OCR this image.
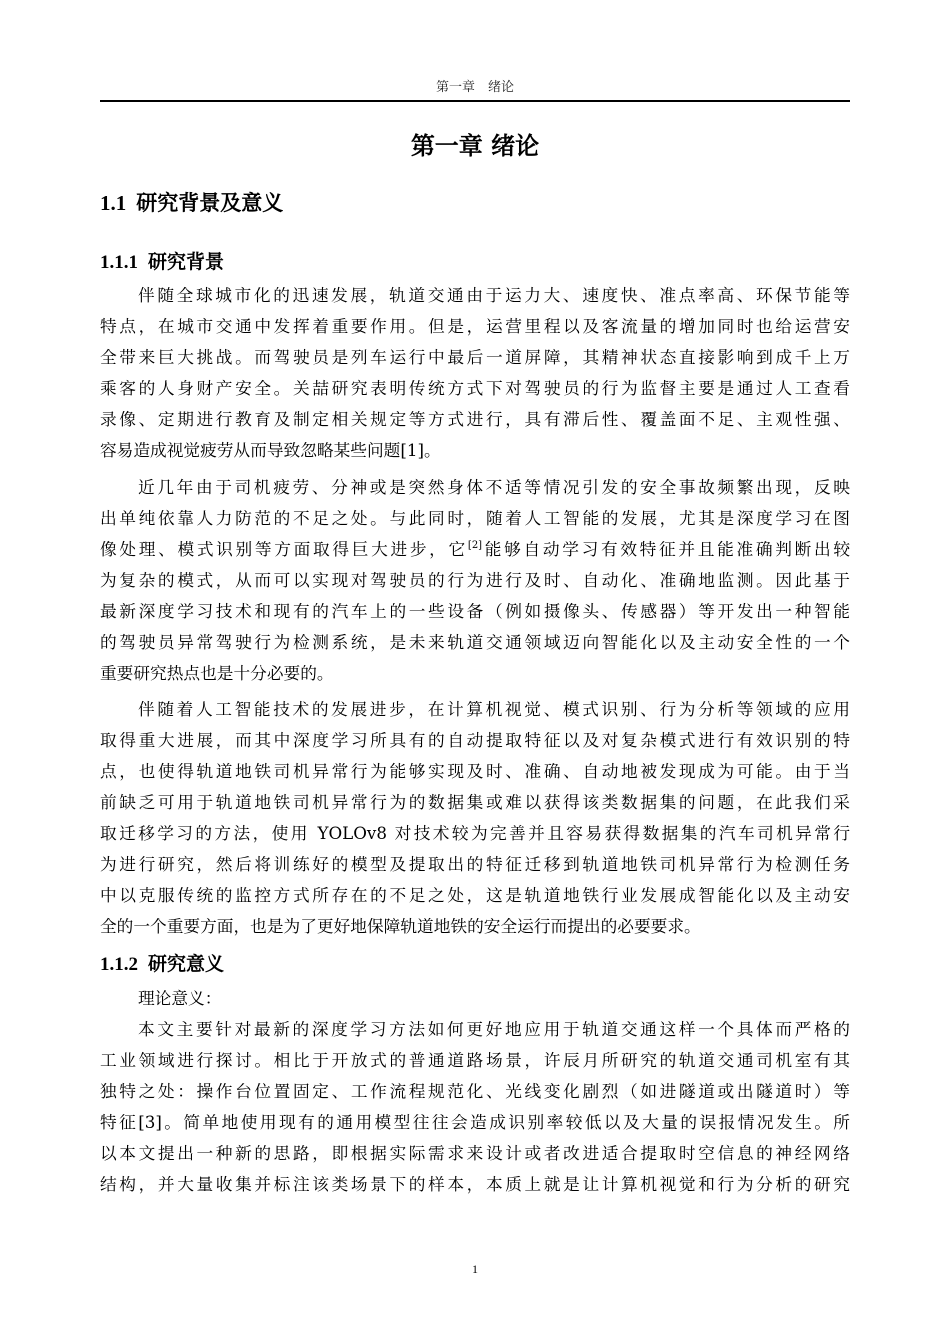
第一章　绪论
第一章 绪论
1.1 研究背景及意义
1.1.1 研究背景
伴随全球城市化的迅速发展，轨道交通由于运力大、速度快、准点率高、环保节能等
特点，在城市交通中发挥着重要作用。但是，运营里程以及客流量的增加同时也给运营安
全带来巨大挑战。而驾驶员是列车运行中最后一道屏障，其精神状态直接影响到成千上万
乘客的人身财产安全。关喆研究表明传统方式下对驾驶员的行为监督主要是通过人工查看
录像、定期进行教育及制定相关规定等方式进行，具有滞后性、覆盖面不足、主观性强、
容易造成视觉疲劳从而导致忽略某些问题[1]。
近几年由于司机疲劳、分神或是突然身体不适等情况引发的安全事故频繁出现，反映
出单纯依靠人力防范的不足之处。与此同时，随着人工智能的发展，尤其是深度学习在图
像处理、模式识别等方面取得巨大进步，它[2]能够自动学习有效特征并且能准确判断出较
为复杂的模式，从而可以实现对驾驶员的行为进行及时、自动化、准确地监测。因此基于
最新深度学习技术和现有的汽车上的一些设备（例如摄像头、传感器）等开发出一种智能
的驾驶员异常驾驶行为检测系统，是未来轨道交通领域迈向智能化以及主动安全性的一个
重要研究热点也是十分必要的。
伴随着人工智能技术的发展进步，在计算机视觉、模式识别、行为分析等领域的应用
取得重大进展，而其中深度学习所具有的自动提取特征以及对复杂模式进行有效识别的特
点，也使得轨道地铁司机异常行为能够实现及时、准确、自动地被发现成为可能。由于当
前缺乏可用于轨道地铁司机异常行为的数据集或难以获得该类数据集的问题，在此我们采
取迁移学习的方法，使用 YOLOv8 对技术较为完善并且容易获得数据集的汽车司机异常行
为进行研究，然后将训练好的模型及提取出的特征迁移到轨道地铁司机异常行为检测任务
中以克服传统的监控方式所存在的不足之处，这是轨道地铁行业发展成智能化以及主动安
全的一个重要方面，也是为了更好地保障轨道地铁的安全运行而提出的必要要求。
1.1.2 研究意义
理论意义：
本文主要针对最新的深度学习方法如何更好地应用于轨道交通这样一个具体而严格的
工业领域进行探讨。相比于开放式的普通道路场景，许辰月所研究的轨道交通司机室有其
独特之处：操作台位置固定、工作流程规范化、光线变化剧烈（如进隧道或出隧道时）等
特征[3]。简单地使用现有的通用模型往往会造成识别率较低以及大量的误报情况发生。所
以本文提出一种新的思路，即根据实际需求来设计或者改进适合提取时空信息的神经网络
结构，并大量收集并标注该类场景下的样本，本质上就是让计算机视觉和行为分析的研究
1
